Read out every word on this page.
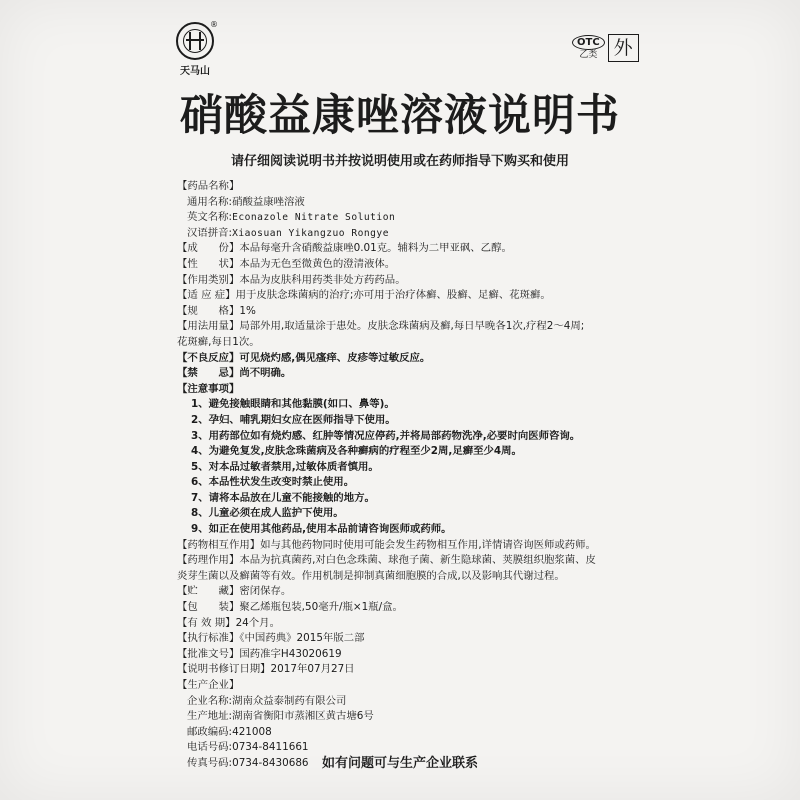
®
天马山
OTC
乙类 外
硝酸益康唑溶液说明书
请仔细阅读说明书并按说明使用或在药师指导下购买和使用
【药品名称】
通用名称:硝酸益康唑溶液
英文名称:Econazole Nitrate Solution
汉语拼音:Xiaosuan Yikangzuo Rongye
【成　　份】本品每毫升含硝酸益康唑0.01克。辅料为二甲亚砜、乙醇。
【性　　状】本品为无色至微黄色的澄清液体。
【作用类别】本品为皮肤科用药类非处方药药品。
【适 应 症】用于皮肤念珠菌病的治疗;亦可用于治疗体癣、股癣、足癣、花斑癣。
【规　　格】1%
【用法用量】局部外用,取适量涂于患处。皮肤念珠菌病及癣,每日早晚各1次,疗程2～4周;
花斑癣,每日1次。
【不良反应】可见烧灼感,偶见瘙痒、皮疹等过敏反应。
【禁　　忌】尚不明确。
【注意事项】
1、避免接触眼睛和其他黏膜(如口、鼻等)。
2、孕妇、哺乳期妇女应在医师指导下使用。
3、用药部位如有烧灼感、红肿等情况应停药,并将局部药物洗净,必要时向医师咨询。
4、为避免复发,皮肤念珠菌病及各种癣病的疗程至少2周,足癣至少4周。
5、对本品过敏者禁用,过敏体质者慎用。
6、本品性状发生改变时禁止使用。
7、请将本品放在儿童不能接触的地方。
8、儿童必须在成人监护下使用。
9、如正在使用其他药品,使用本品前请咨询医师或药师。
【药物相互作用】如与其他药物同时使用可能会发生药物相互作用,详情请咨询医师或药师。
【药理作用】本品为抗真菌药,对白色念珠菌、球孢子菌、新生隐球菌、荚膜组织胞浆菌、皮
炎芽生菌以及癣菌等有效。作用机制是抑制真菌细胞膜的合成,以及影响其代谢过程。
【贮　　藏】密闭保存。
【包　　装】聚乙烯瓶包装,50毫升/瓶×1瓶/盒。
【有 效 期】24个月。
【执行标准】《中国药典》2015年版二部
【批准文号】国药准字H43020619
【说明书修订日期】2017年07月27日
【生产企业】
企业名称:湖南众益泰制药有限公司
生产地址:湖南省衡阳市蒸湘区黄古塘6号
邮政编码:421008
电话号码:0734-8411661
传真号码:0734-8430686	如有问题可与生产企业联系
